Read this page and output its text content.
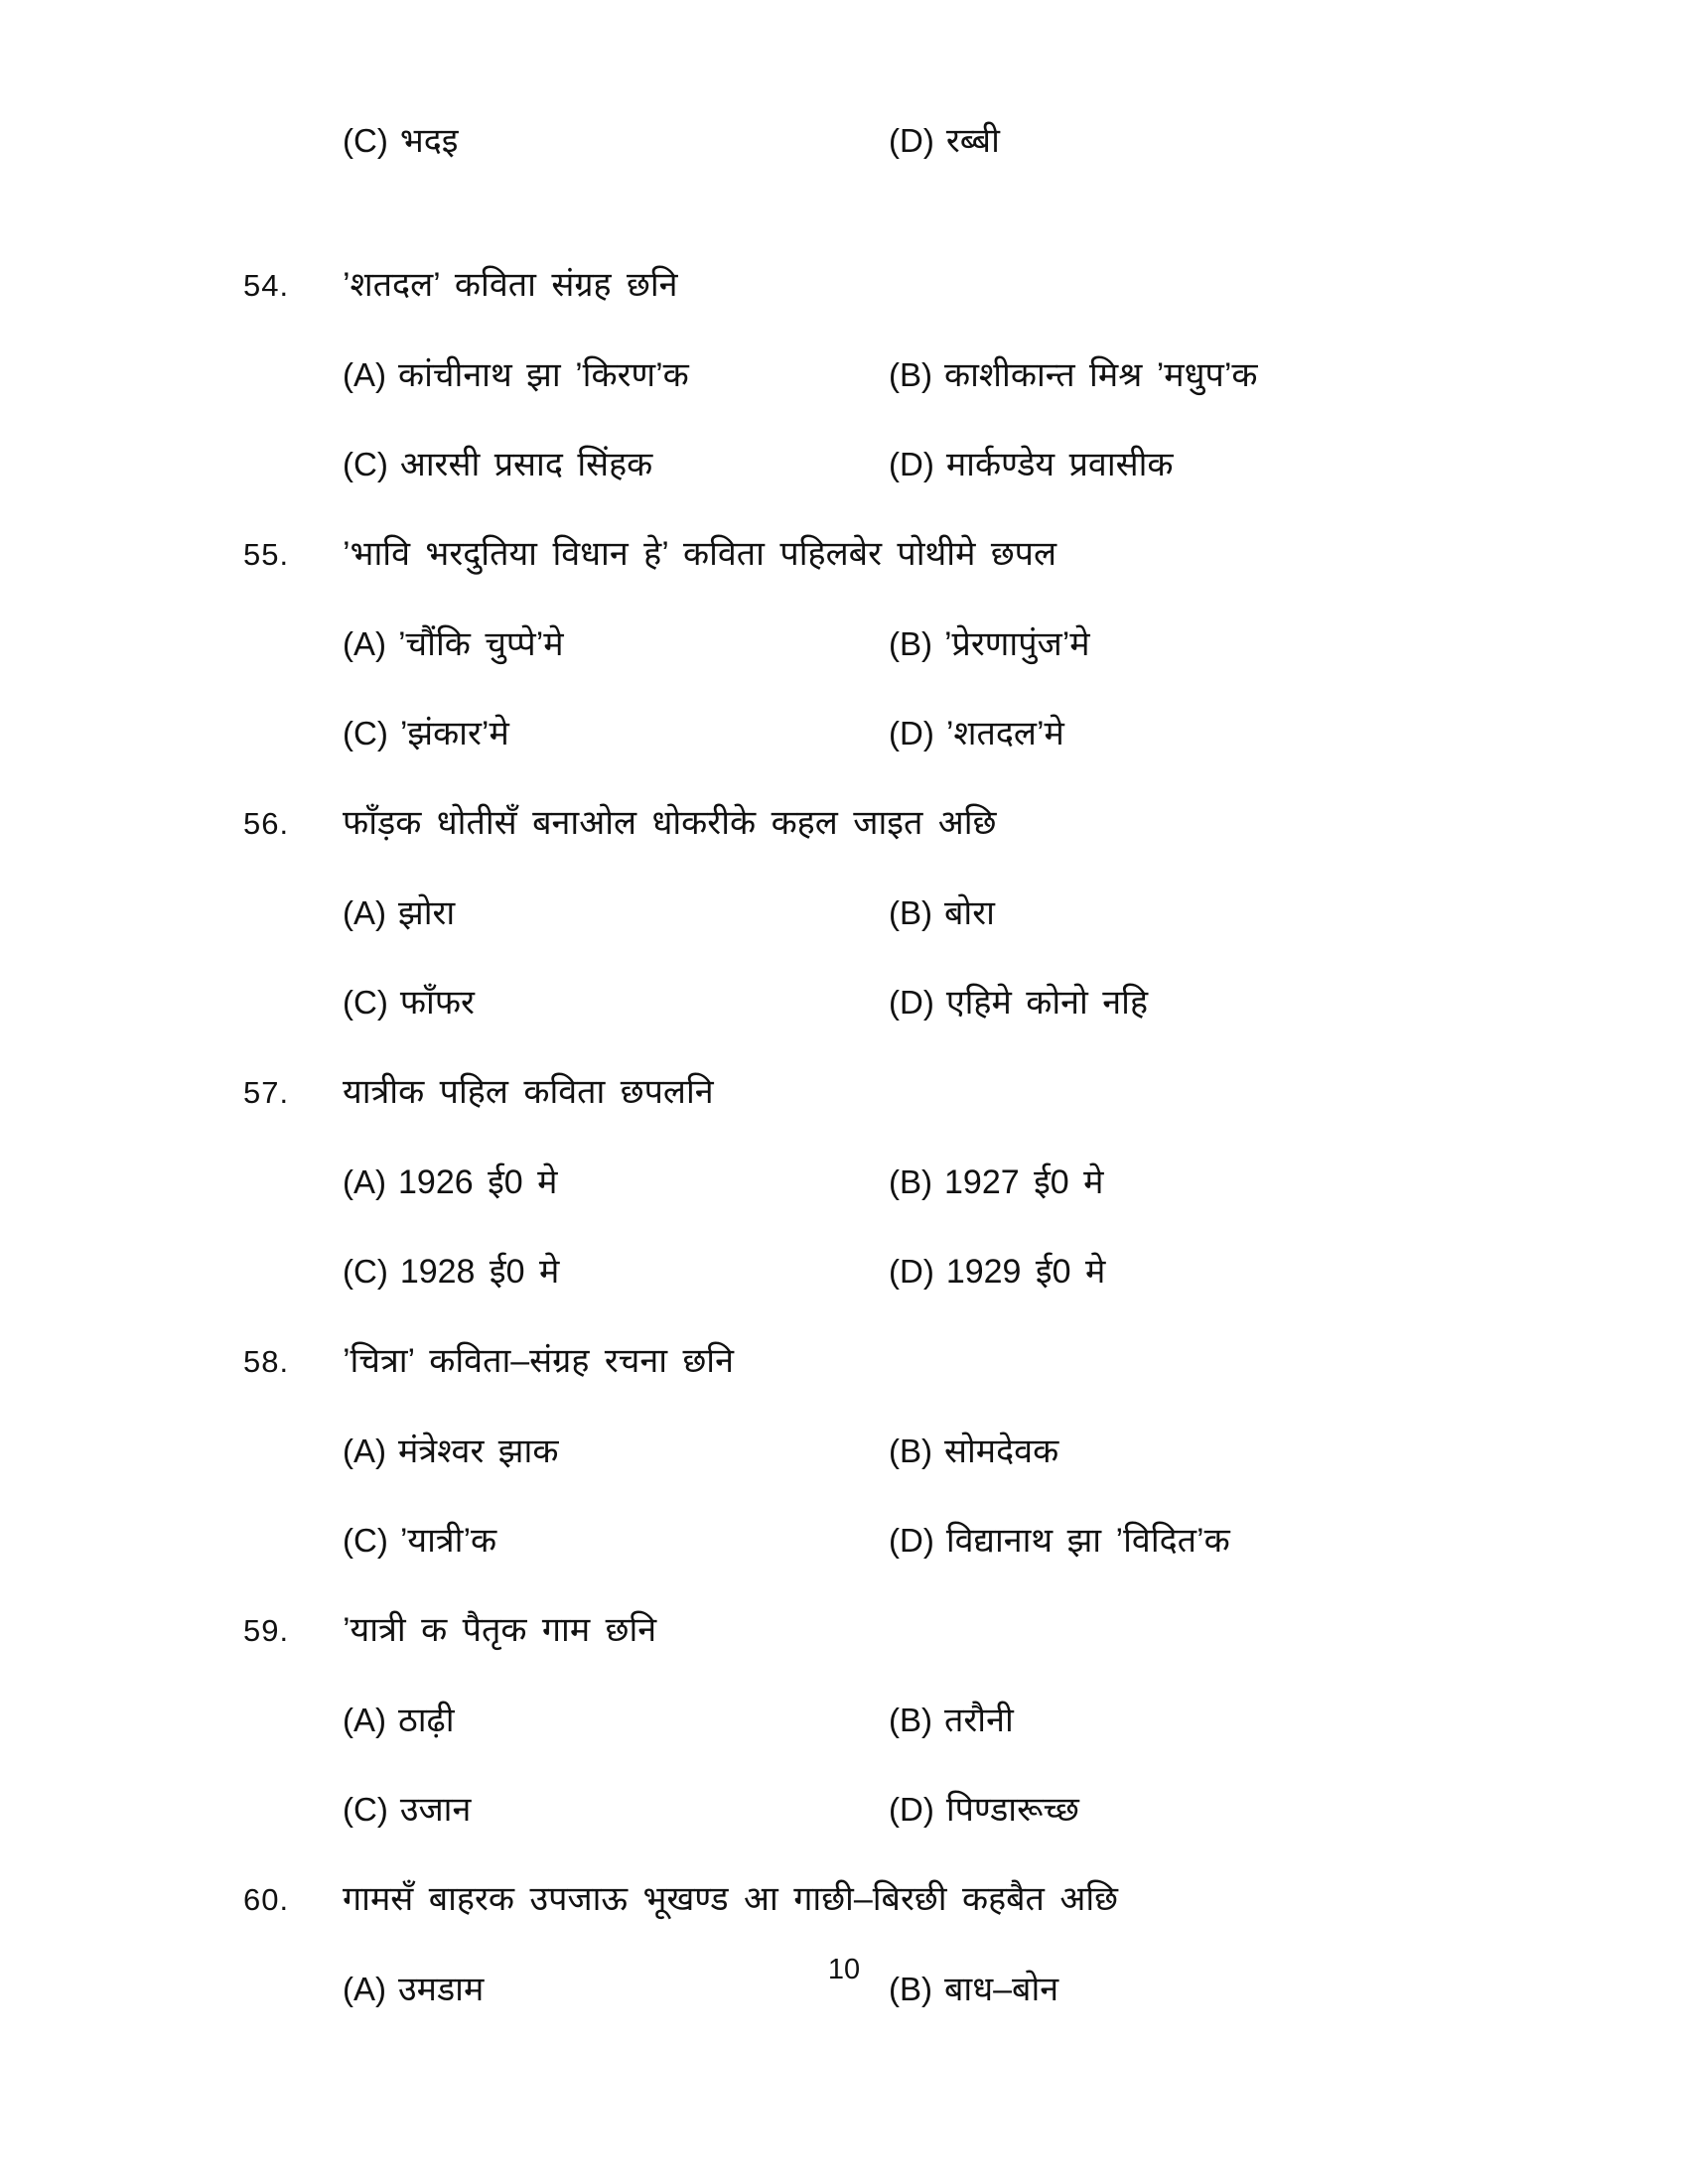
(C) भदइ	(D) रब्बी
54.	’शतदल’ कविता संग्रह छनि
(A) कांचीनाथ झा ’किरण’क	(B) काशीकान्त मिश्र ’मधुप’क
(C) आरसी प्रसाद सिंहक	(D) मार्कण्डेय प्रवासीक
55.	’भावि भरदुतिया विधान हे’ कविता पहिलबेर पोथीमे छपल
(A) ’चौंकि चुप्पे’मे	(B) ’प्रेरणापुंज’मे
(C) ’झंकार’मे	(D) ’शतदल’मे
56.	फाँड़क धोतीसँ बनाओल धोकरीके कहल जाइत अछि
(A) झोरा	(B) बोरा
(C) फाँफर	(D) एहिमे कोनो नहि
57.	यात्रीक पहिल कविता छपलनि
(A) 1926 ई0 मे	(B) 1927 ई0 मे
(C) 1928 ई0 मे	(D) 1929 ई0 मे
58.	’चित्रा’ कविता–संग्रह रचना छनि
(A) मंत्रेश्वर झाक	(B) सोमदेवक
(C) ’यात्री’क	(D) विद्यानाथ झा ’विदित’क
59.	’यात्री क पैतृक गाम छनि
(A) ठाढ़ी	(B) तरौनी
(C) उजान	(D) पिण्डारूच्छ
60.	गामसँ बाहरक उपजाऊ भूखण्ड आ गाछी–बिरछी कहबैत अछि
(A) उमडाम	(B) बाध–बोन
10
